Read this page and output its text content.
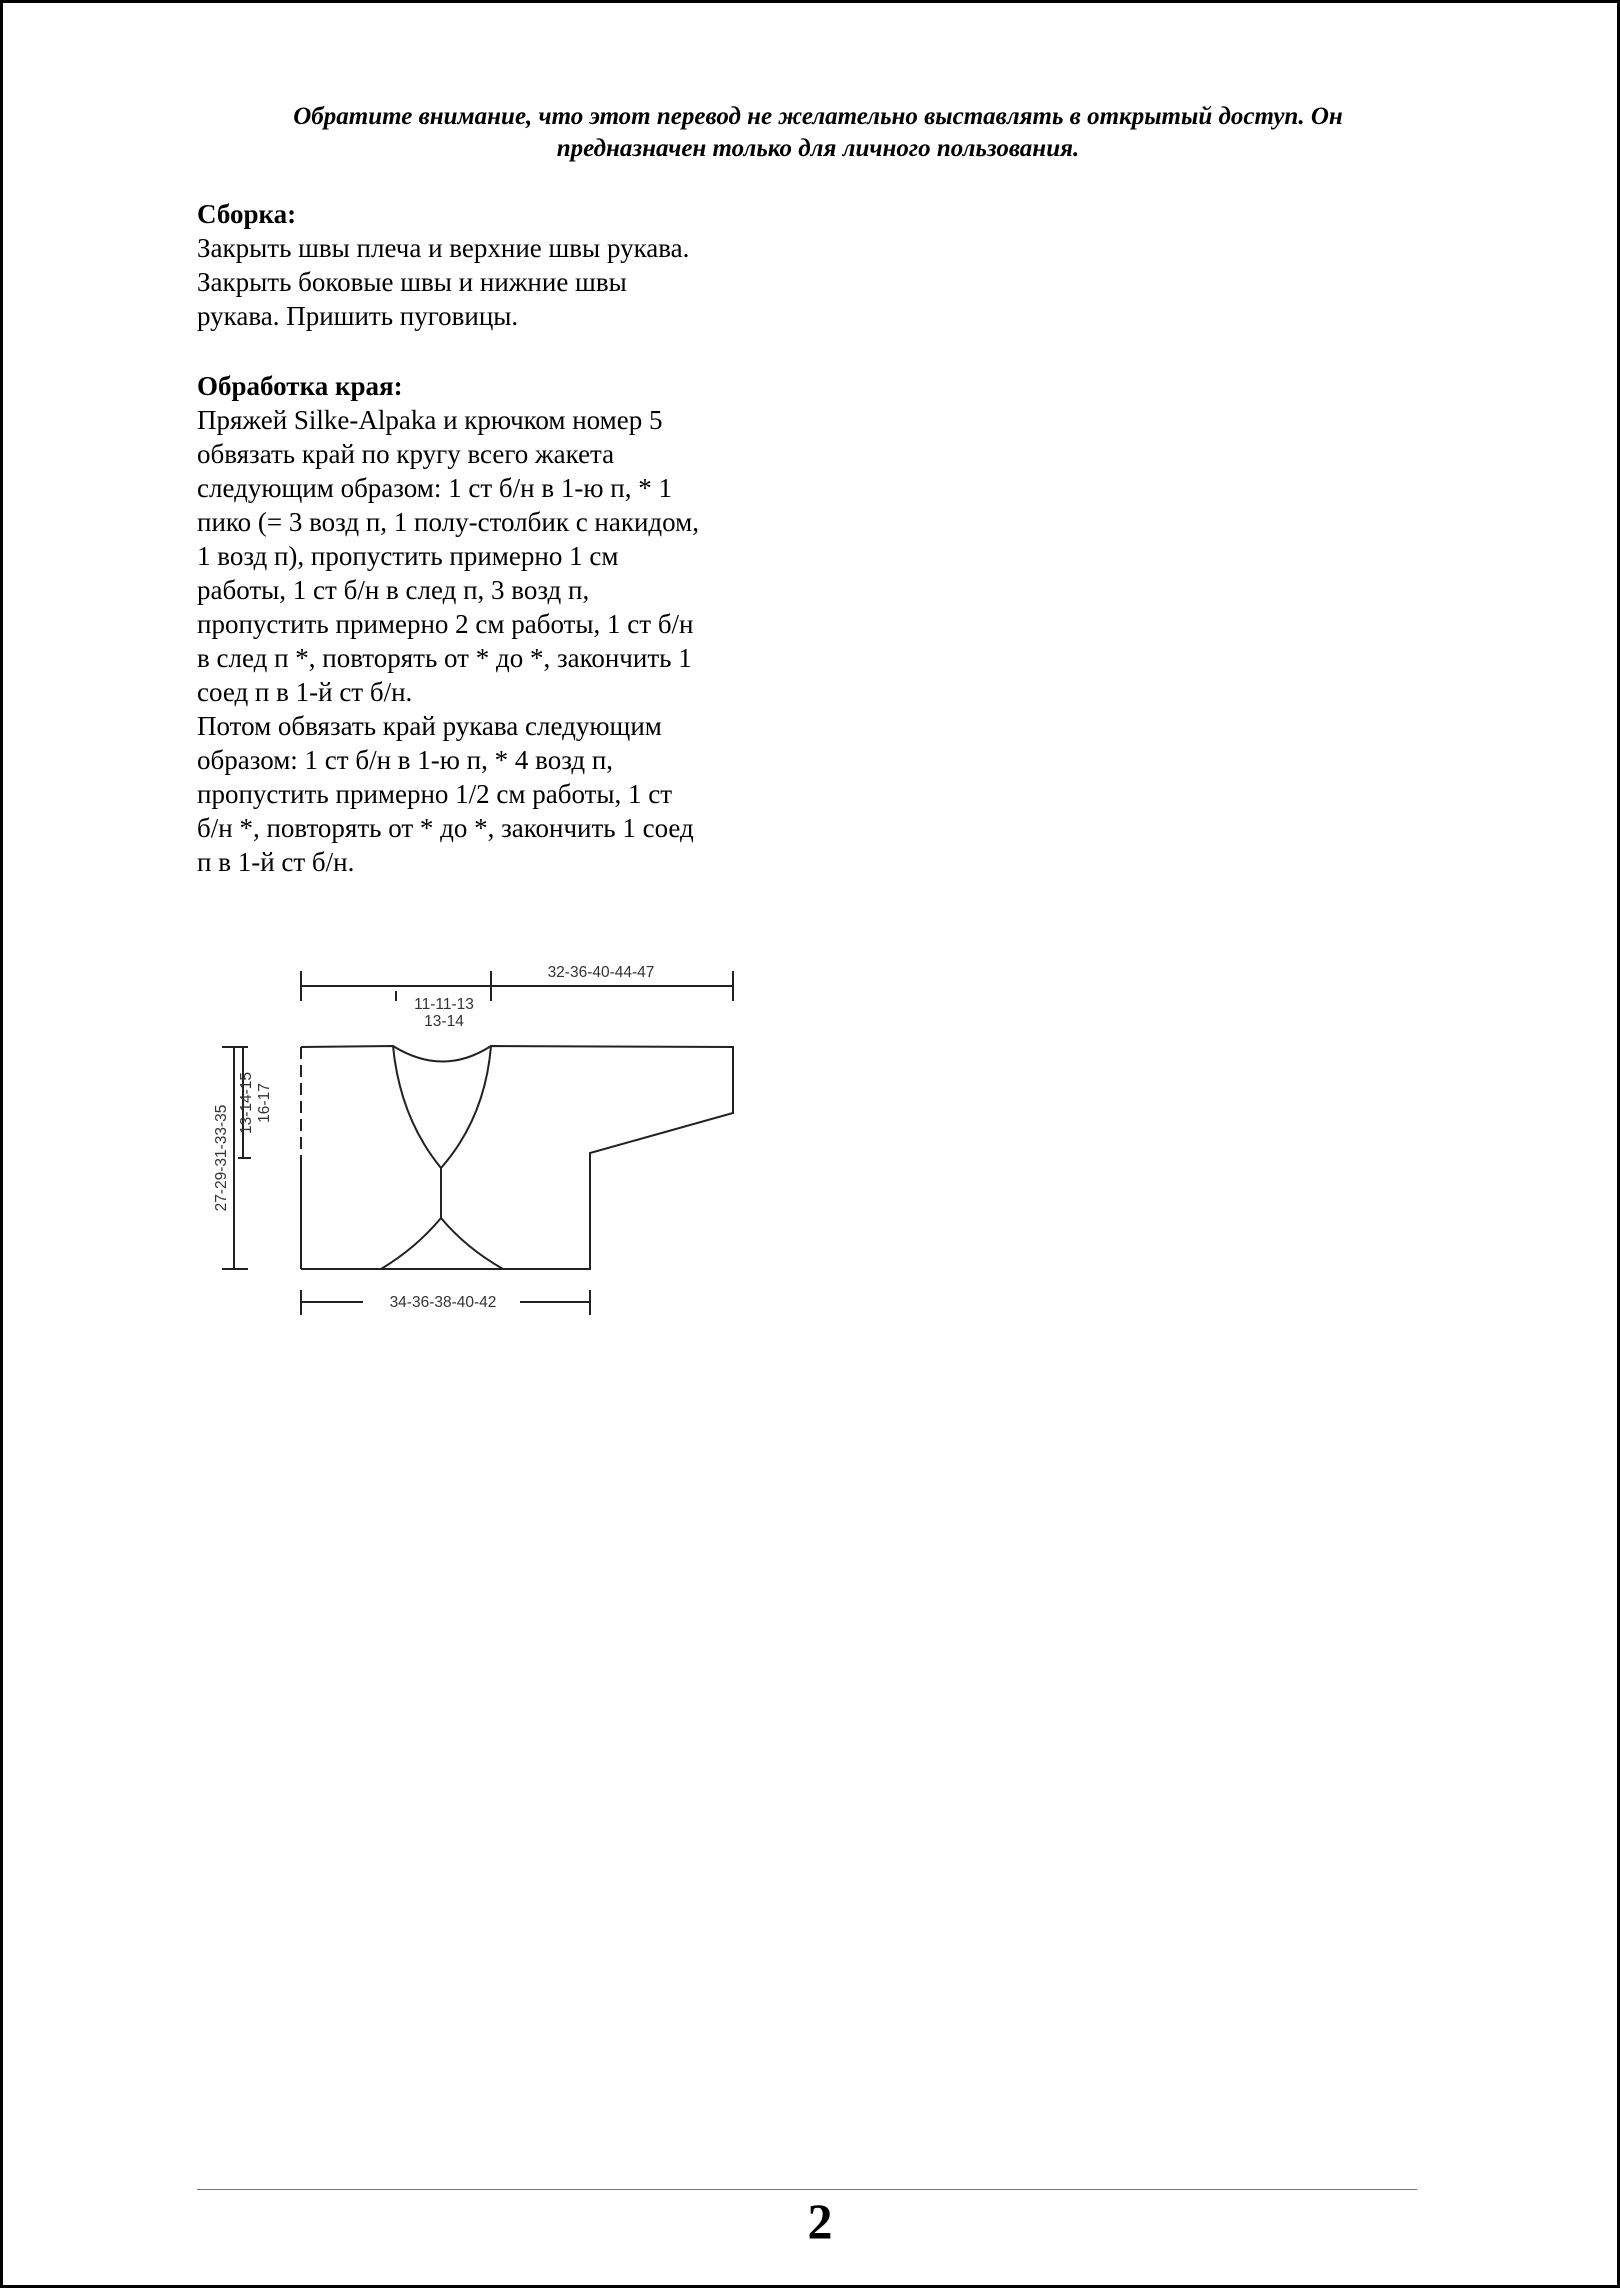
Обратите внимание, что этот перевод не желательно выставлять в открытый доступ. Он
предназначен только для личного пользования.
Сборка:
Закрыть швы плеча и верхние швы рукава.
Закрыть боковые швы и нижние швы
рукава. Пришить пуговицы.
Обработка края:
Пряжей Silke-Alpaka и крючком номер 5
обвязать край по кругу всего жакета
следующим образом: 1 ст б/н в 1-ю п, * 1
пико (= 3 возд п, 1 полу-столбик с накидом,
1 возд п), пропустить примерно 1 см
работы, 1 ст б/н в след п, 3 возд п,
пропустить примерно 2 см работы, 1 ст б/н
в след п *, повторять от * до *, закончить 1
соед п в 1-й ст б/н.
Потом обвязать край рукава следующим
образом: 1 ст б/н в 1-ю п, * 4 возд п,
пропустить примерно 1/2 см работы, 1 ст
б/н *, повторять от * до *, закончить 1 соед
п в 1-й ст б/н.
32-36-40-44-47
11-11-13
13-14
13-14-15 16-17
27-29-31-33-35
34-36-38-40-42
2
